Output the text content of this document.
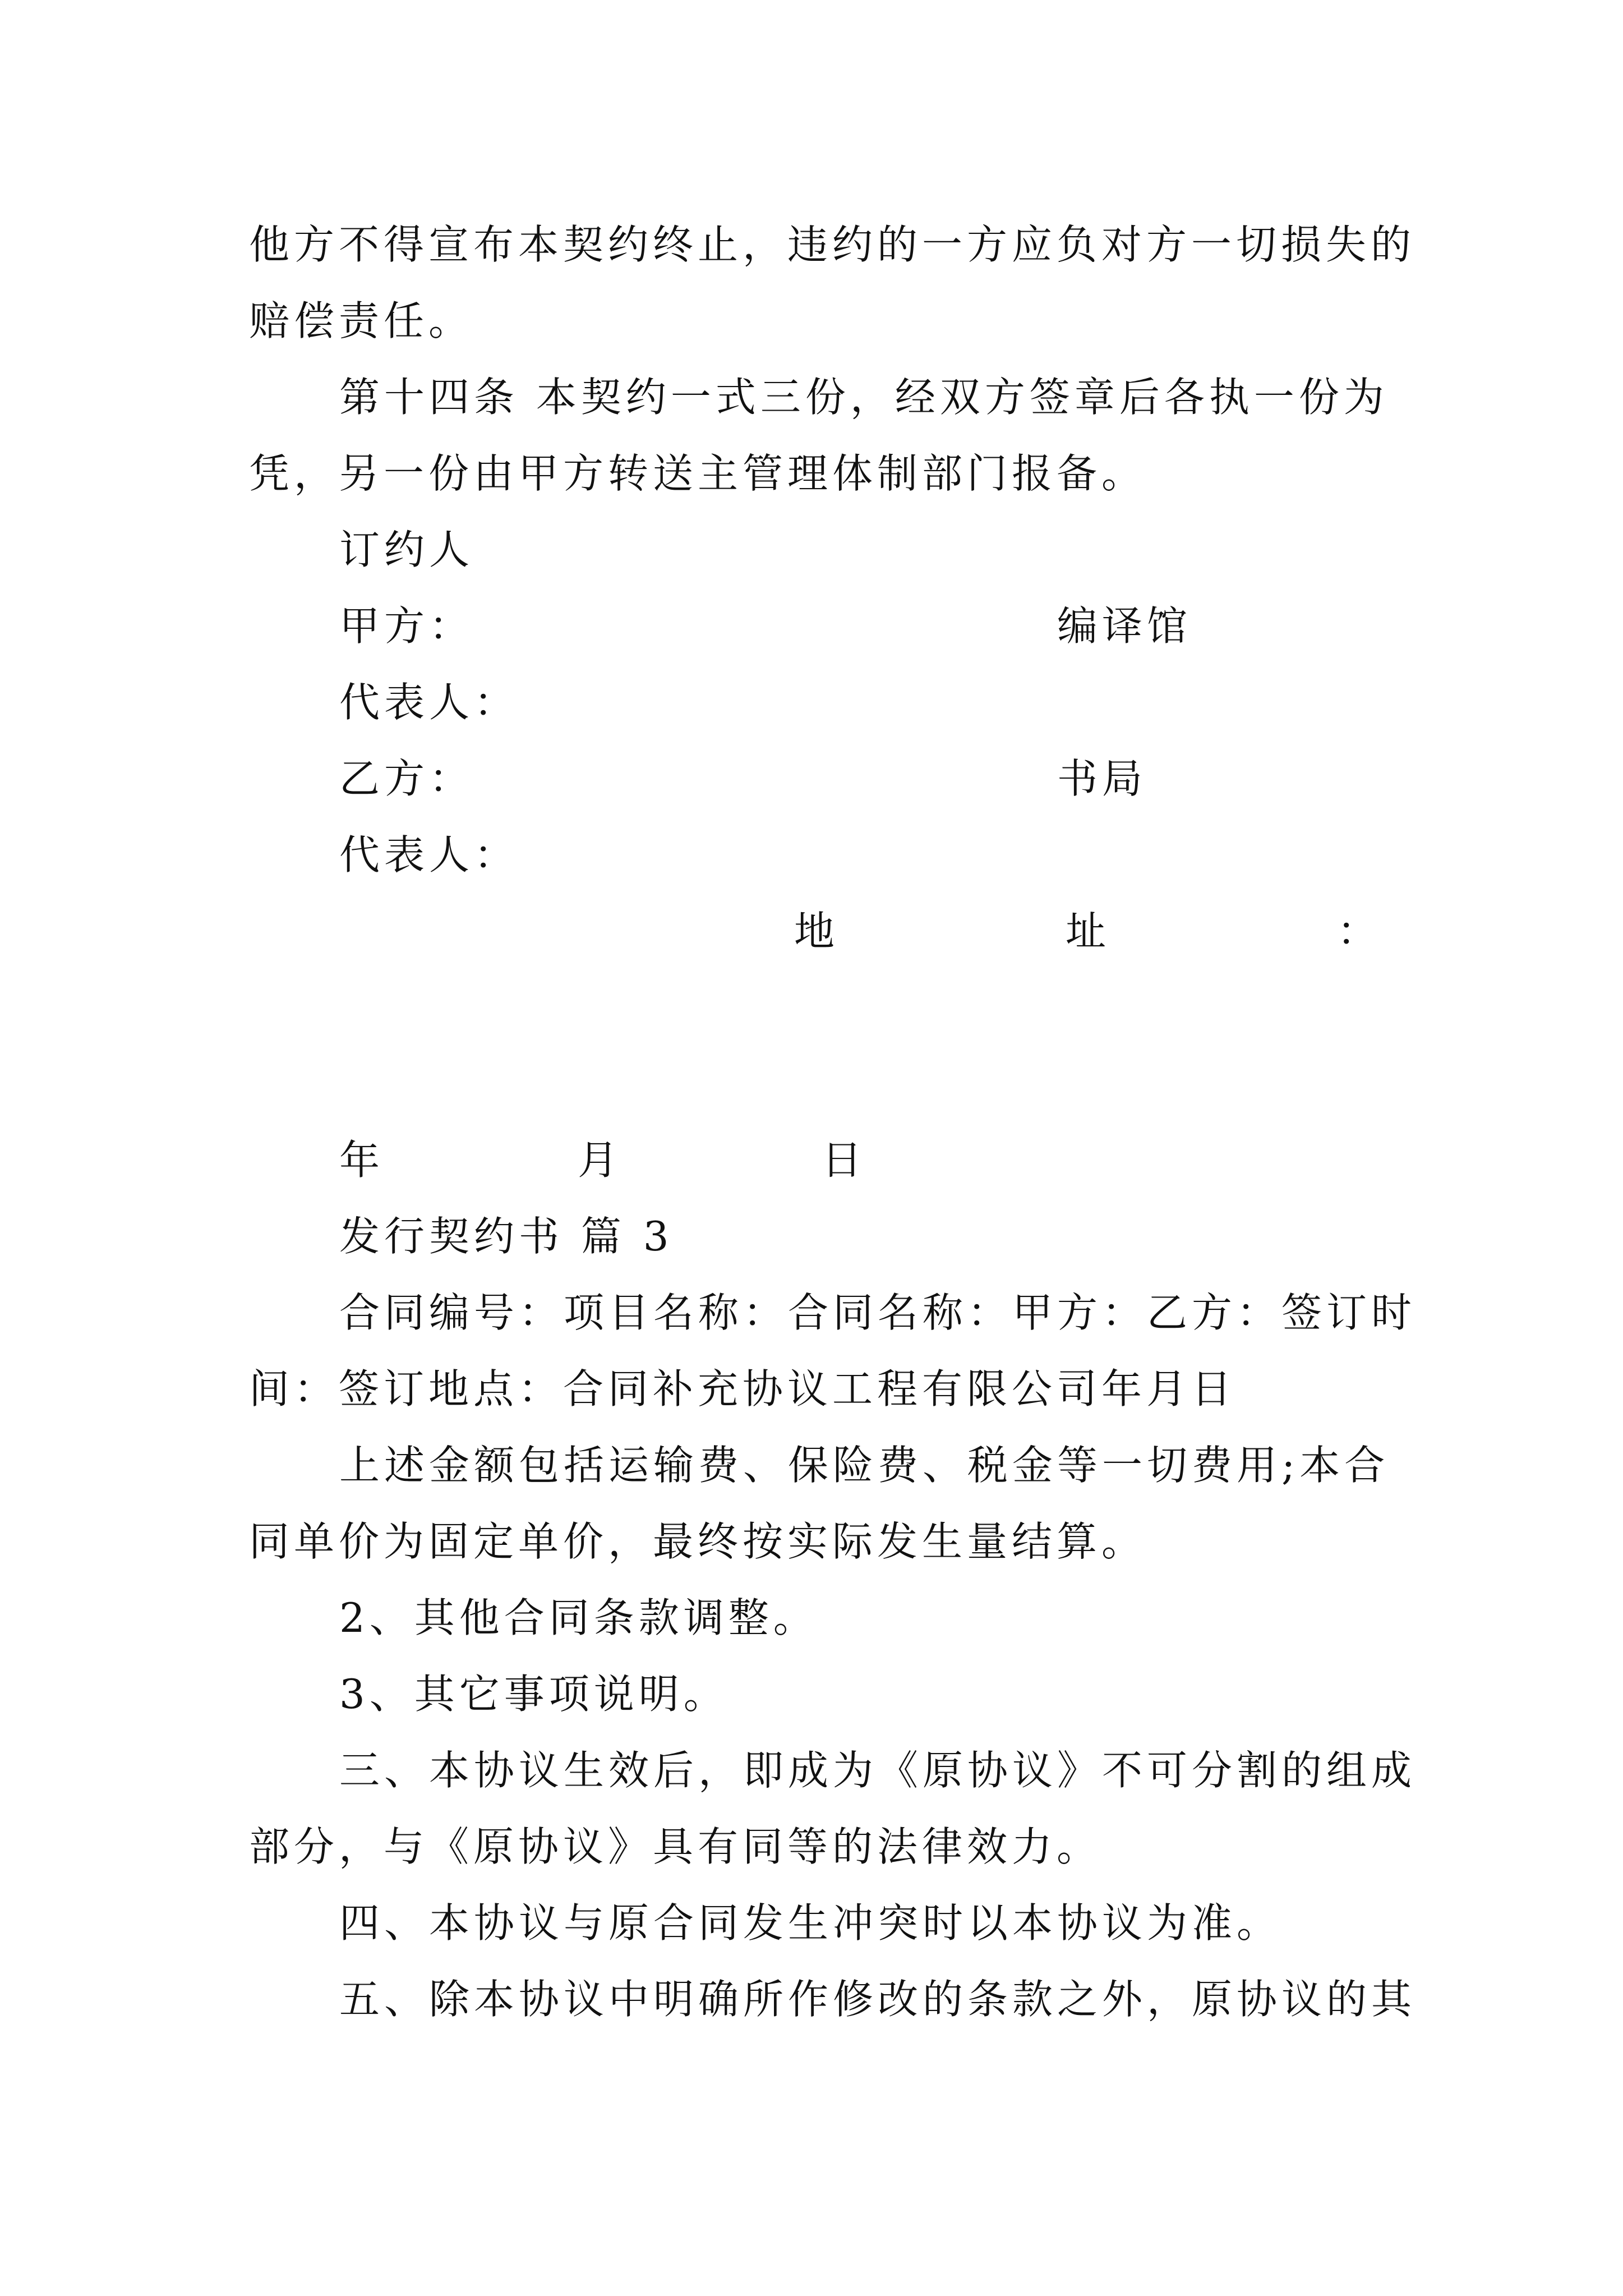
他方不得宣布本契约终止，违约的一方应负对方一切损失的
赔偿责任。
第十四条 本契约一式三份，经双方签章后各执一份为
凭，另一份由甲方转送主管理体制部门报备。
订约人
甲方：	编译馆
代表人：
乙方：	书局
代表人：
地	址	：
年	月	日
发行契约书 篇 3
合同编号：项目名称：合同名称：甲方：乙方：签订时
间：签订地点：合同补充协议工程有限公司年月日
上述金额包括运输费、保险费、税金等一切费用;本合
同单价为固定单价，最终按实际发生量结算。
2、其他合同条款调整。
3、其它事项说明。
三、本协议生效后，即成为《原协议》不可分割的组成
部分，与《原协议》具有同等的法律效力。
四、本协议与原合同发生冲突时以本协议为准。
五、除本协议中明确所作修改的条款之外，原协议的其
